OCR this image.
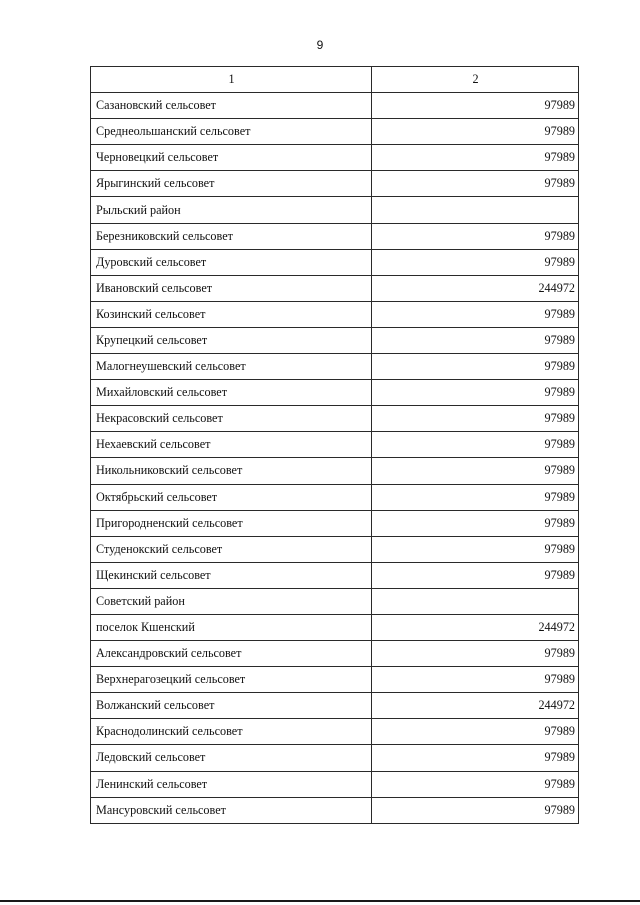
9
1	2
Сазановский сельсовет	97989
Среднеольшанский сельсовет	97989
Черновецкий сельсовет	97989
Ярыгинский сельсовет	97989
Рыльский район	
Березниковский сельсовет	97989
Дуровский сельсовет	97989
Ивановский сельсовет	244972
Козинский сельсовет	97989
Крупецкий сельсовет	97989
Малогнеушевский сельсовет	97989
Михайловский сельсовет	97989
Некрасовский сельсовет	97989
Нехаевский сельсовет	97989
Никольниковский сельсовет	97989
Октябрьский сельсовет	97989
Пригородненский сельсовет	97989
Студенокский сельсовет	97989
Щекинский сельсовет	97989
Советский район	
поселок Кшенский	244972
Александровский сельсовет	97989
Верхнерагозецкий сельсовет	97989
Волжанский сельсовет	244972
Краснодолинский сельсовет	97989
Ледовский сельсовет	97989
Ленинский сельсовет	97989
Мансуровский сельсовет	97989
